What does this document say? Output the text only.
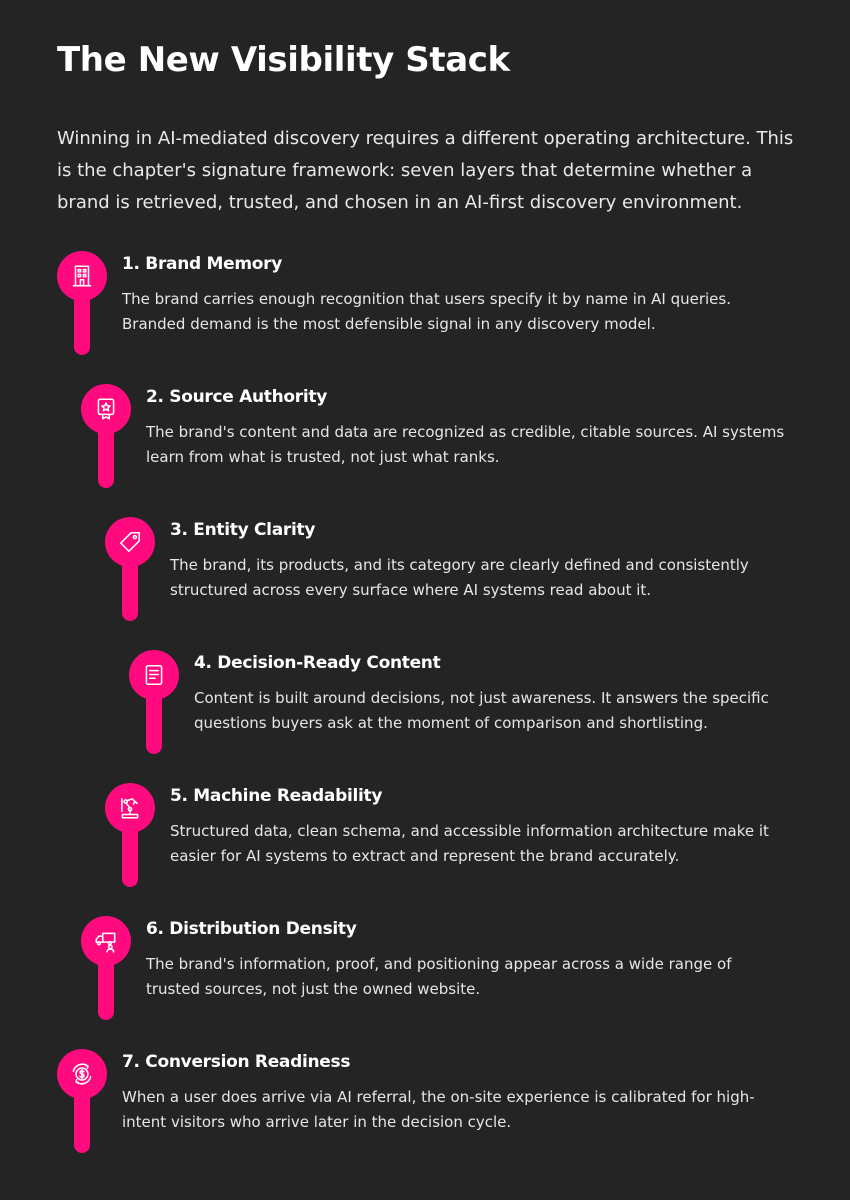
The New Visibility Stack

Winning in AI-mediated discovery requires a different operating architecture. This is the chapter's signature framework: seven layers that determine whether a brand is retrieved, trusted, and chosen in an AI-first discovery environment.

1. Brand Memory

The brand carries enough recognition that users specify it by name in AI queries. Branded demand is the most defensible signal in any discovery model.

2. Source Authority

The brand's content and data are recognized as credible, citable sources. AI systems learn from what is trusted, not just what ranks.

3. Entity Clarity

The brand, its products, and its category are clearly defined and consistently structured across every surface where AI systems read about it.

4. Decision-Ready Content

Content is built around decisions, not just awareness. It answers the specific questions buyers ask at the moment of comparison and shortlisting.

5. Machine Readability

Structured data, clean schema, and accessible information architecture make it easier for AI systems to extract and represent the brand accurately.

6. Distribution Density

The brand's information, proof, and positioning appear across a wide range of trusted sources, not just the owned website.

7. Conversion Readiness

When a user does arrive via AI referral, the on-site experience is calibrated for high-intent visitors who arrive later in the decision cycle.
